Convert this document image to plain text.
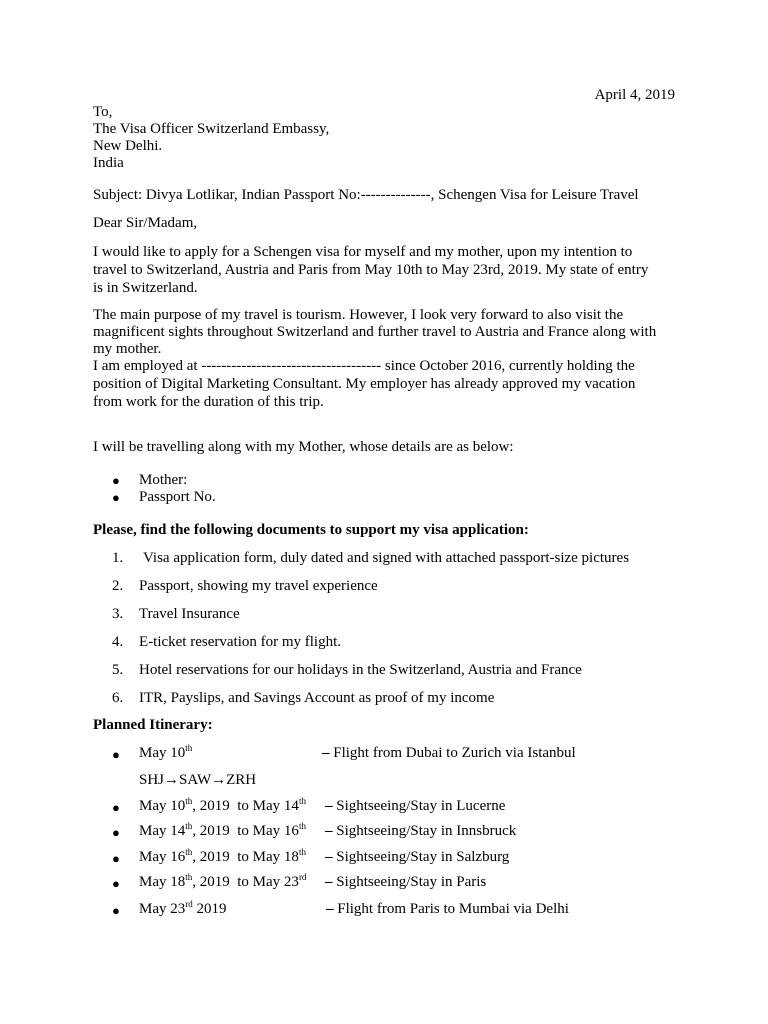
April 4, 2019
To,
The Visa Officer Switzerland Embassy,
New Delhi.
India
Subject: Divya Lotlikar, Indian Passport No:--------------, Schengen Visa for Leisure Travel
Dear Sir/Madam,
I would like to apply for a Schengen visa for myself and my mother, upon my intention to
travel to Switzerland, Austria and Paris from May 10th to May 23rd, 2019. My state of entry
is in Switzerland.
The main purpose of my travel is tourism. However, I look very forward to also visit the
magnificent sights throughout Switzerland and further travel to Austria and France along with
my mother.
I am employed at ------------------------------------ since October 2016, currently holding the
position of Digital Marketing Consultant. My employer has already approved my vacation
from work for the duration of this trip.
I will be travelling along with my Mother, whose details are as below:
● Mother:
● Passport No.
Please, find the following documents to support my visa application:
1. Visa application form, duly dated and signed with attached passport-size pictures
2. Passport, showing my travel experience
3. Travel Insurance
4. E-ticket reservation for my flight.
5. Hotel reservations for our holidays in the Switzerland, Austria and France
6. ITR, Payslips, and Savings Account as proof of my income
Planned Itinerary:
● May 10th	– Flight from Dubai to Zurich via Istanbul
SHJ→SAW→ZRH
● May 10th, 2019  to May 14th – Sightseeing/Stay in Lucerne
● May 14th, 2019  to May 16th – Sightseeing/Stay in Innsbruck
● May 16th, 2019  to May 18th – Sightseeing/Stay in Salzburg
● May 18th, 2019  to May 23rd – Sightseeing/Stay in Paris
● May 23rd 2019	– Flight from Paris to Mumbai via Delhi
